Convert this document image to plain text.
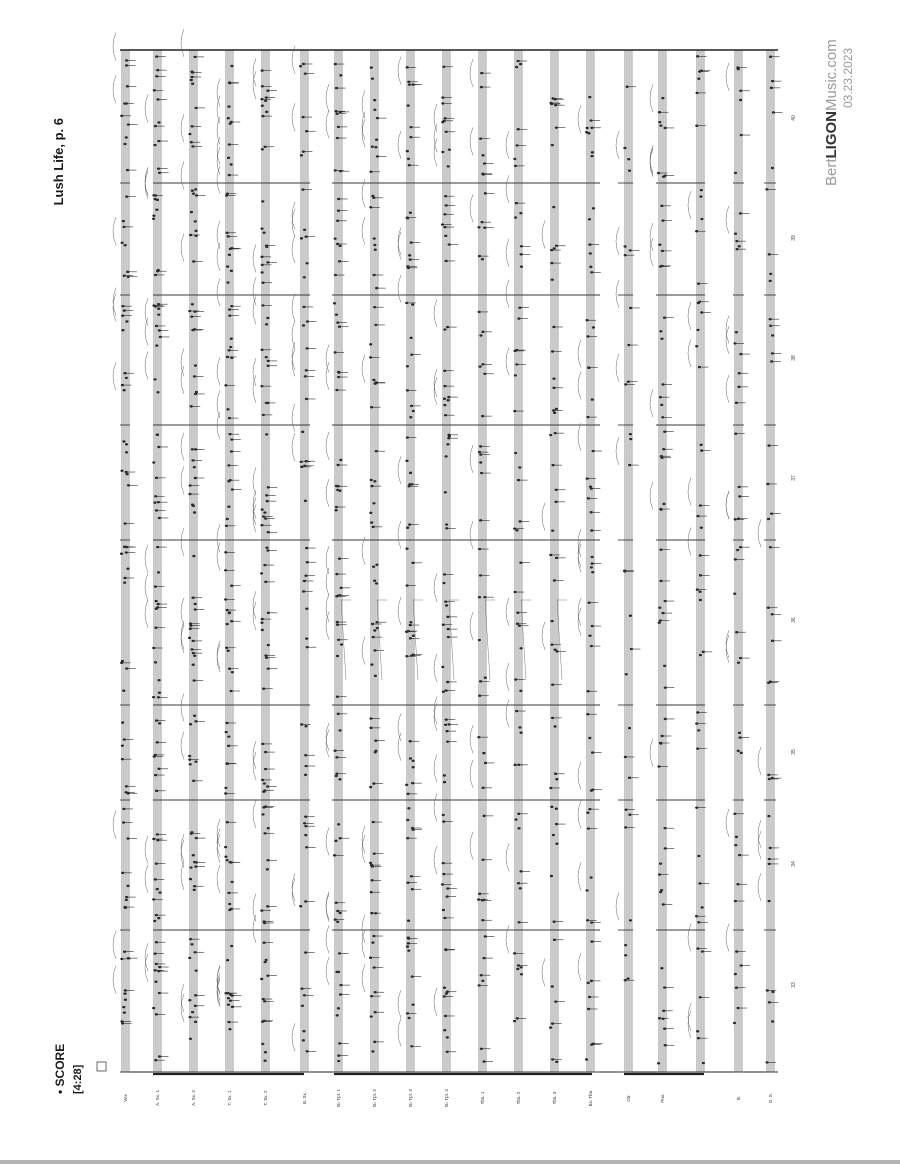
Vox	A. Sx. 1	A. Sx. 2	T. Sx. 1	T. Sx. 2	B. Sx.	B♭ Tpt. 1	B♭ Tpt. 2	B♭ Tpt. 3	B♭ Tpt. 4	Tbn. 1	Tbn. 2	Tbn. 3	Bs. Tbn.	Gtr.	Pno.	B.	D. S.
33
34
35
36
37
38
39
40
• SCORE [4:28]
Lush Life, p. 6	BertLIGONMusic.com 03.23.2023
